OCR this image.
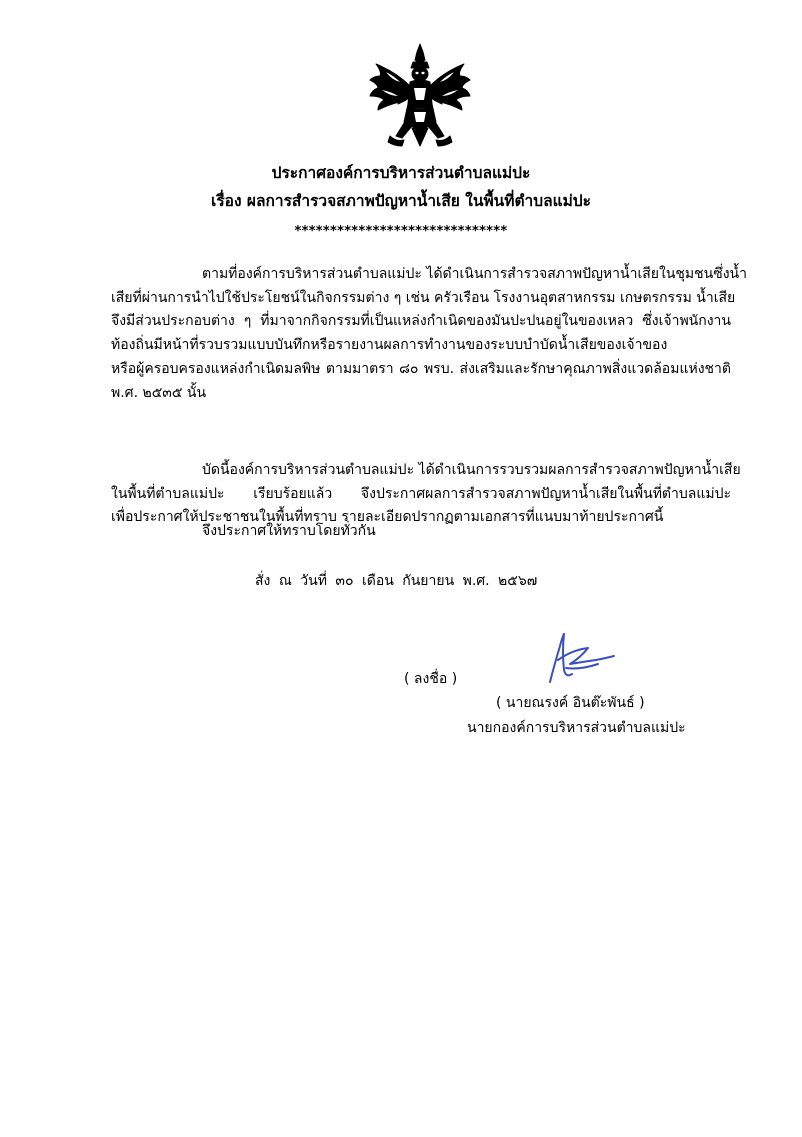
ประกาศองค์การบริหารส่วนตำบลแม่ปะ
เรื่อง ผลการสำรวจสภาพปัญหาน้ำเสีย ในพื้นที่ตำบลแม่ปะ
******************************
ตามที่องค์การบริหารส่วนตำบลแม่ปะ ได้ดำเนินการสำรวจสภาพปัญหาน้ำเสียในชุมชนซึ่งน้ำ
เสียที่ผ่านการนำไปใช้ประโยชน์ในกิจกรรมต่าง ๆ เช่น ครัวเรือน โรงงานอุตสาหกรรม เกษตรกรรม น้ำเสีย
จึงมีส่วนประกอบต่าง ๆ ที่มาจากกิจกรรมที่เป็นแหล่งกำเนิดของมันปะปนอยู่ในของเหลว ซึ่งเจ้าพนักงาน
ท้องถิ่นมีหน้าที่รวบรวมแบบบันทึกหรือรายงานผลการทำงานของระบบบำบัดน้ำเสียของเจ้าของ
หรือผู้ครอบครองแหล่งกำเนิดมลพิษ ตามมาตรา ๘๐ พรบ. ส่งเสริมและรักษาคุณภาพสิ่งแวดล้อมแห่งชาติ
พ.ศ. ๒๕๓๕ นั้น
บัดนี้องค์การบริหารส่วนตำบลแม่ปะ ได้ดำเนินการรวบรวมผลการสำรวจสภาพปัญหาน้ำเสีย
ในพื้นที่ตำบลแม่ปะ เรียบร้อยแล้ว จึงประกาศผลการสำรวจสภาพปัญหาน้ำเสียในพื้นที่ตำบลแม่ปะ
เพื่อประกาศให้ประชาชนในพื้นที่ทราบ รายละเอียดปรากฏตามเอกสารที่แนบมาท้ายประกาศนี้
จึงประกาศให้ทราบโดยทั่วกัน
สั่ง ณ วันที่ ๓๐ เดือน กันยายน พ.ศ. ๒๕๖๗
( ลงชื่อ )
( นายณรงค์ อินต๊ะพันธ์ )
นายกองค์การบริหารส่วนตำบลแม่ปะ
